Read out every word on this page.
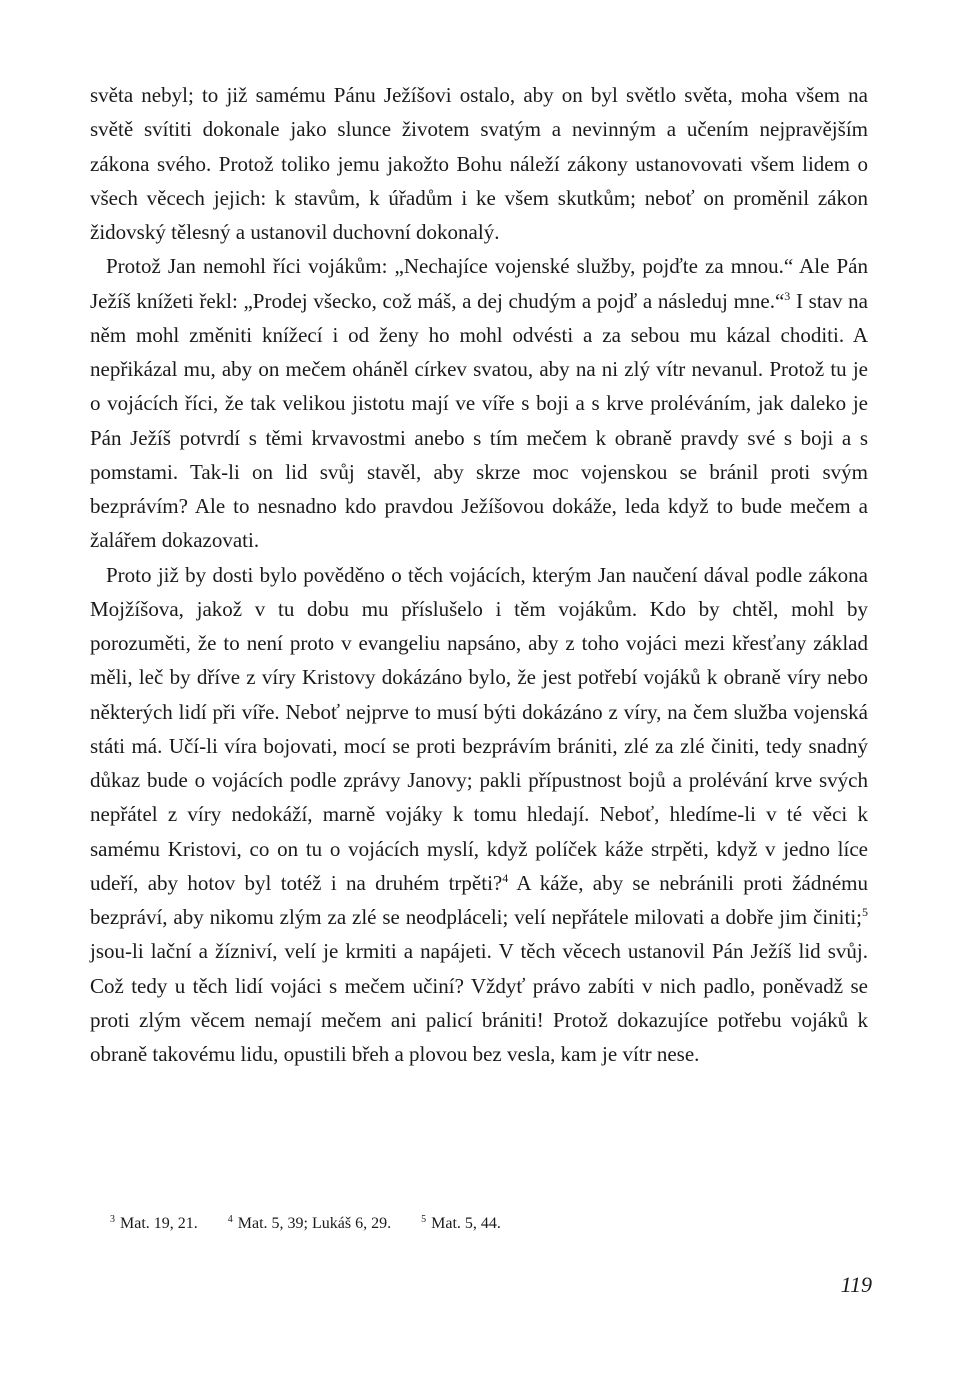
světa nebyl; to již samému Pánu Ježíšovi ostalo, aby on byl světlo světa, moha všem na světě svítiti dokonale jako slunce životem svatým a nevinným a učením nejpravějším zákona svého. Protož toliko jemu jakožto Bohu náleží zákony ustanovovati všem lidem o všech věcech jejich: k stavům, k úřadům i ke všem skutkům; neboť on proměnil zákon židovský tělesný a ustanovil duchovní dokonalý.

Protož Jan nemohl říci vojákům: „Nechajíce vojenské služby, pojďte za mnou.“ Ale Pán Ježíš knížeti řekl: „Prodej všecko, což máš, a dej chudým a pojď a následuj mne.“$^3$ I stav na něm mohl změniti knížecí i od ženy ho mohl odvésti a za sebou mu kázal choditi. A nepřikázal mu, aby on mečem oháněl církev svatou, aby na ni zlý vítr nevanul. Protož tu je o vojácích říci, že tak velikou jistotu mají ve víře s boji a s krve proléváním, jak daleko je Pán Ježíš potvrdí s těmi krvavostmi anebo s tím mečem k obraně pravdy své s boji a s pomstami. Tak-li on lid svůj stavěl, aby skrze moc vojenskou se bránil proti svým bezprávím? Ale to nesnadno kdo pravdou Ježíšovou dokáže, leda když to bude mečem a žalářem dokazovati.

Proto již by dosti bylo pověděno o těch vojácích, kterým Jan naučení dával podle zákona Mojžíšova, jakož v tu dobu mu příslušelo i těm vojákům. Kdo by chtěl, mohl by porozuměti, že to není proto v evangeliu napsáno, aby z toho vojáci mezi křesťany základ měli, leč by dříve z víry Kristovy dokázáno bylo, že jest potřebí vojáků k obraně víry nebo některých lidí při víře. Neboť nejprve to musí býti dokázáno z víry, na čem služba vojenská státi má. Učí-li víra bojovati, mocí se proti bezprávím brániti, zlé za zlé činiti, tedy snadný důkaz bude o vojácích podle zprávy Janovy; pakli přípustnost bojů a prolévání krve svých nepřátel z víry nedokáží, marně vojáky k tomu hledají. Neboť, hledíme-li v té věci k samému Kristovi, co on tu o vojácích myslí, když políček káže strpěti, když v jedno líce udeří, aby hotov byl totéž i na druhém trpěti?$^4$ A káže, aby se nebránili proti žádnému bezpráví, aby nikomu zlým za zlé se neodpláceli; velí nepřátele milovati a dobře jim činiti;$^5$ jsou-li lační a žízniví, velí je krmiti a napájeti. V těch věcech ustanovil Pán Ježíš lid svůj. Což tedy u těch lidí vojáci s mečem učiní? Vždyť právo zabíti v nich padlo, poněvadž se proti zlým věcem nemají mečem ani palicí brániti! Protož dokazujíce potřebu vojáků k obraně takovému lidu, opustili břeh a plovou bez vesla, kam je vítr nese.

$^3$ Mat. 19, 21.	$^4$ Mat. 5, 39; Lukáš 6, 29.	$^5$ Mat. 5, 44.
119
